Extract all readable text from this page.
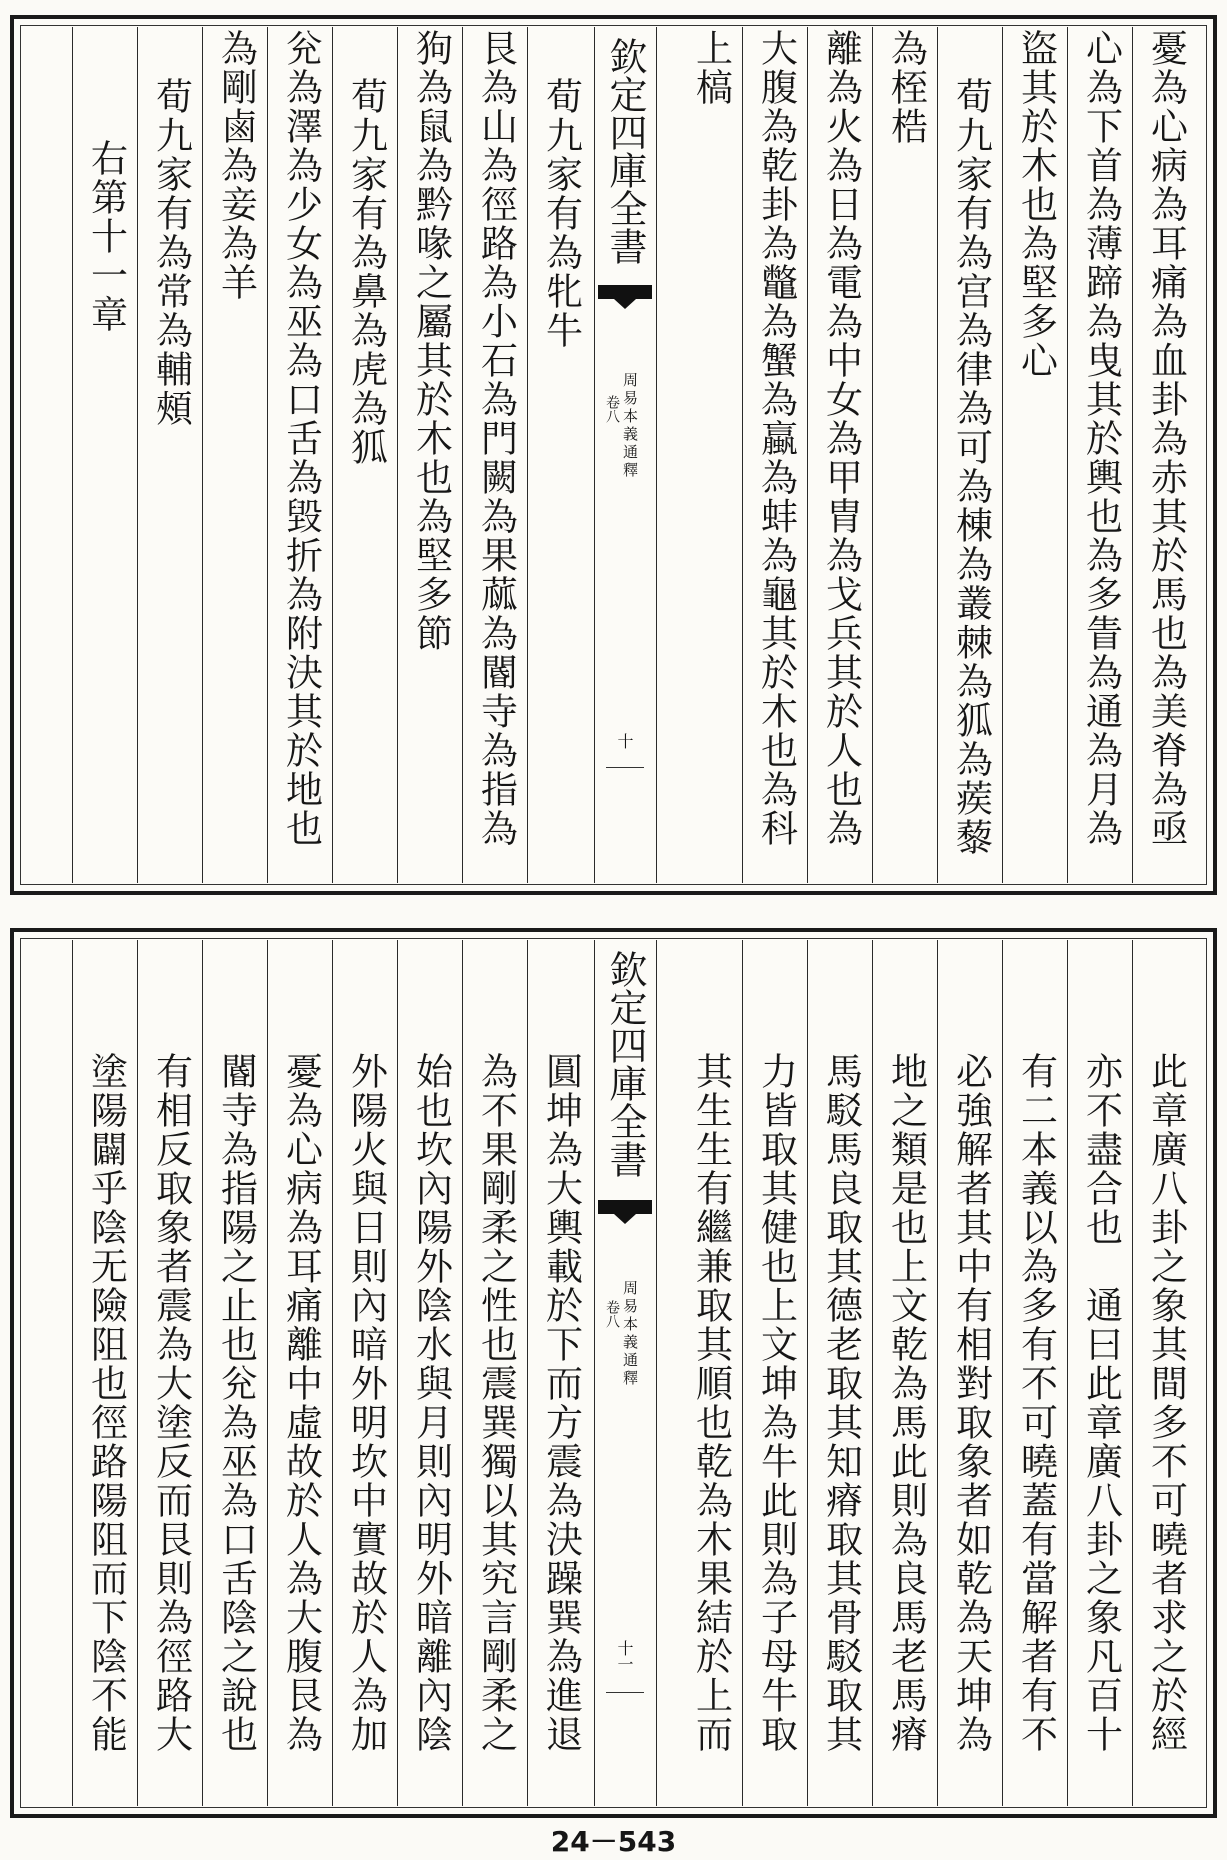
憂為心病為耳痛為血卦為赤其於馬也為美脊為亟
心為下首為薄蹄為曳其於輿也為多眚為通為月為
盜其於木也為堅多心
荀九家有為宫為律為可為棟為叢棘為狐為蒺藜
為桎梏
離為火為日為電為中女為甲胄為戈兵其於人也為
大腹為乾卦為鼈為蟹為蠃為蚌為龜其於木也為科
上槁
欽定四庫全書
周易本義通釋
卷八
十
荀九家有為牝牛
艮為山為徑路為小石為門闕為果蓏為閽寺為指為
狗為鼠為黔喙之屬其於木也為堅多節
荀九家有為鼻為虎為狐
兊為澤為少女為巫為口舌為毀折為附決其於地也
為剛鹵為妾為羊
荀九家有為常為輔頰
右第十一章
此章廣八卦之象其間多不可曉者求之於經
亦不盡合也　通曰此章廣八卦之象凡百十
有二本義以為多有不可曉蓋有當解者有不
必強解者其中有相對取象者如乾為天坤為
地之類是也上文乾為馬此則為良馬老馬瘠
馬駁馬良取其德老取其知瘠取其骨駁取其
力皆取其健也上文坤為牛此則為子母牛取
其生生有繼兼取其順也乾為木果結於上而
欽定四庫全書
周易本義通釋
卷八
十一
圓坤為大輿載於下而方震為決躁巽為進退
為不果剛柔之性也震巽獨以其究言剛柔之
始也坎內陽外陰水與月則內明外暗離內陰
外陽火與日則內暗外明坎中實故於人為加
憂為心病為耳痛離中虛故於人為大腹艮為
閽寺為指陽之止也兊為巫為口舌陰之說也
有相反取象者震為大塗反而艮則為徑路大
塗陽闢乎陰无險阻也徑路陽阻而下陰不能
24－543
